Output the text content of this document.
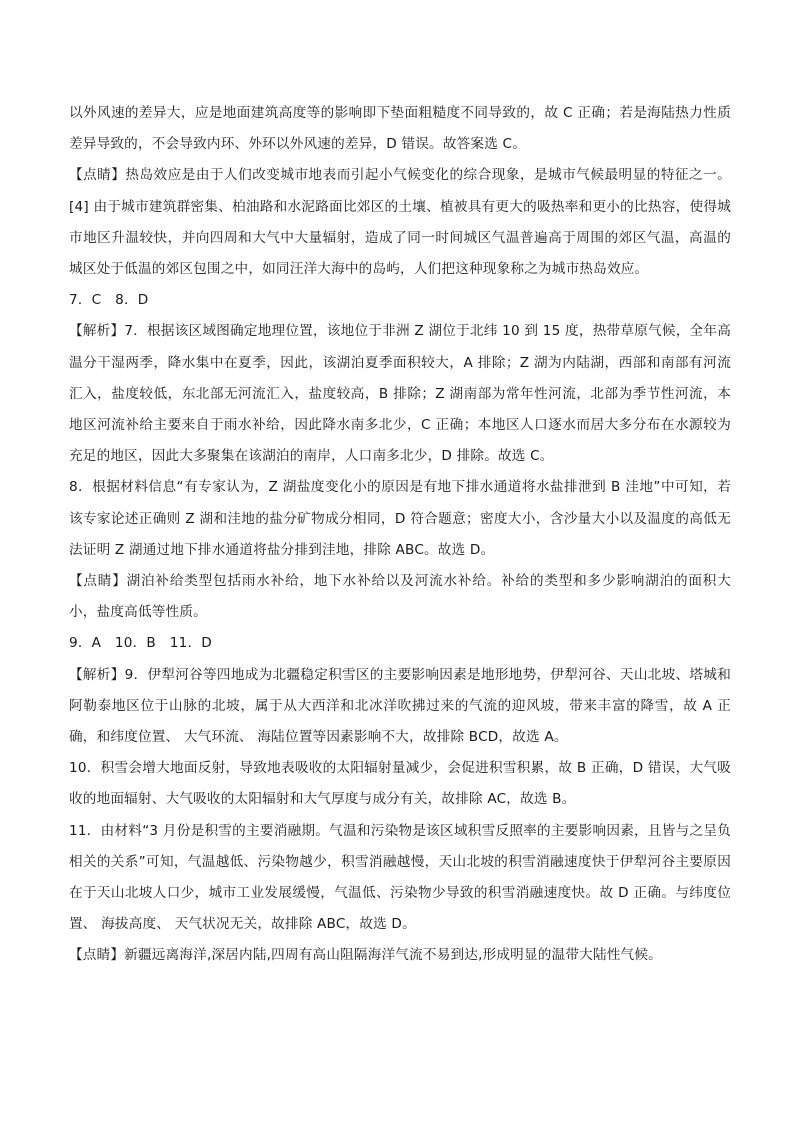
以外风速的差异大，应是地面建筑高度等的影响即下垫面粗糙度不同导致的，故 C 正确；若是海陆热力性质差异导致的，不会导致内环、外环以外风速的差异，D 错误。故答案选 C。

【点睛】热岛效应是由于人们改变城市地表而引起小气候变化的综合现象，是城市气候最明显的特征之一。 [4] 由于城市建筑群密集、柏油路和水泥路面比郊区的土壤、植被具有更大的吸热率和更小的比热容，使得城市地区升温较快，并向四周和大气中大量辐射，造成了同一时间城区气温普遍高于周围的郊区气温，高温的城区处于低温的郊区包围之中，如同汪洋大海中的岛屿，人们把这种现象称之为城市热岛效应。

7．C　8．D

【解析】7．根据该区域图确定地理位置，该地位于非洲 Z 湖位于北纬 10 到 15 度，热带草原气候，全年高温分干湿两季，降水集中在夏季，因此，该湖泊夏季面积较大，A 排除；Z 湖为内陆湖，西部和南部有河流汇入，盐度较低，东北部无河流汇入，盐度较高，B 排除；Z 湖南部为常年性河流，北部为季节性河流，本地区河流补给主要来自于雨水补给，因此降水南多北少，C 正确；本地区人口逐水而居大多分布在水源较为充足的地区，因此大多聚集在该湖泊的南岸，人口南多北少，D 排除。故选 C。

8．根据材料信息“有专家认为，Z 湖盐度变化小的原因是有地下排水通道将水盐排泄到 B 洼地”中可知，若该专家论述正确则 Z 湖和洼地的盐分矿物成分相同，D 符合题意；密度大小，含沙量大小以及温度的高低无法证明 Z 湖通过地下排水通道将盐分排到洼地，排除 ABC。故选 D。

【点睛】湖泊补给类型包括雨水补给，地下水补给以及河流水补给。补给的类型和多少影响湖泊的面积大小，盐度高低等性质。

9．A　10．B　11．D

【解析】9．伊犁河谷等四地成为北疆稳定积雪区的主要影响因素是地形地势，伊犁河谷、天山北坡、塔城和阿勒泰地区位于山脉的北坡，属于从大西洋和北冰洋吹拂过来的气流的迎风坡，带来丰富的降雪，故 A 正确，和纬度位置、 大气环流、 海陆位置等因素影响不大，故排除 BCD，故选 A。

10．积雪会增大地面反射，导致地表吸收的太阳辐射量减少，会促进积雪积累，故 B 正确，D 错误，大气吸收的地面辐射、大气吸收的太阳辐射和大气厚度与成分有关，故排除 AC，故选 B。

11．由材料“3 月份是积雪的主要消融期。气温和污染物是该区域积雪反照率的主要影响因素，且皆与之呈负相关的关系”可知，气温越低、污染物越少，积雪消融越慢，天山北坡的积雪消融速度快于伊犁河谷主要原因在于天山北坡人口少，城市工业发展缓慢，气温低、污染物少导致的积雪消融速度快。故 D 正确。与纬度位置、 海拔高度、 天气状况无关，故排除 ABC，故选 D。

【点睛】新疆远离海洋,深居内陆,四周有高山阻隔海洋气流不易到达,形成明显的温带大陆性气候。
